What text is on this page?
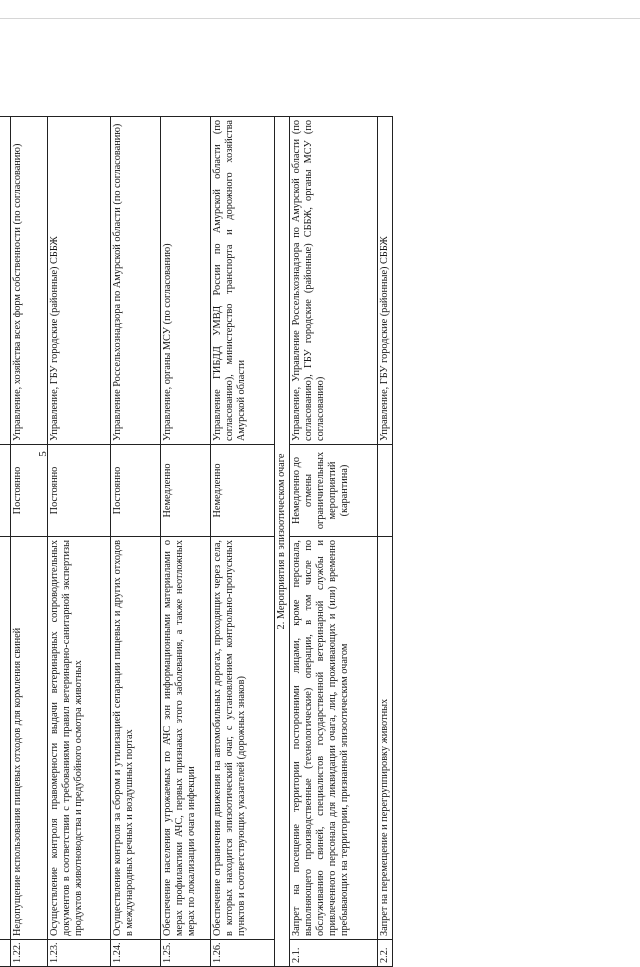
5

1.22.	Недопущение использования пищевых отходов для кормления свиней	Постоянно	Управление, хозяйства всех форм собственности (по согласованию)
1.23.	Осуществление контроля правомерности выдачи ветеринарных сопроводительных документов в соответствии с требованиями правил ветеринарно-санитарной экспертизы продуктов животноводства и предубойного осмотра животных	Постоянно	Управление, ГБУ городские (районные) СББЖ
1.24.	Осуществление контроля за сбором и утилизацией сепарации пищевых и других отходов в международных речных и воздушных портах	Постоянно	Управление Россельхознадзора по Амурской области (по согласованию)
1.25.	Обеспечение населения угрожаемых по АЧС зон информационными материалами о мерах профилактики АЧС, первых признаках этого заболевания, а также неотложных мерах по локализации очага инфекции	Немедленно	Управление, органы МСУ (по согласованию)
1.26.	Обеспечение ограничения движения на автомобильных дорогах, проходящих через села, в которых находится эпизоотический очаг, с установлением контрольно-пропускных пунктов и соответствующих указателей (дорожных знаков)	Немедленно	Управление ГИБДД УМВД России по Амурской области (по согласованию), министерство транспорта и дорожного хозяйства Амурской области
2. Мероприятия в эпизоотическом очаге			
2.1.	Запрет на посещение территории посторонними лицами, кроме персонала, выполняющего производственные (технологические) операции, в том числе по обслуживанию свиней, специалистов государственной ветеринарной службы и привлеченного персонала для ликвидации очага, лиц, проживающих и (или) временно пребывающих на территории, признанной эпизоотическим очагом	Немедленно до отмены ограничительных мероприятий (карантина)	Управление, Управление Россельхознадзора по Амурской области (по согласованию), ГБУ городские (районные) СББЖ, органы МСУ (по согласованию)
2.2.	Запрет на перемещение и перегруппировку животных		Управление, ГБУ городские (районные) СББЖ
